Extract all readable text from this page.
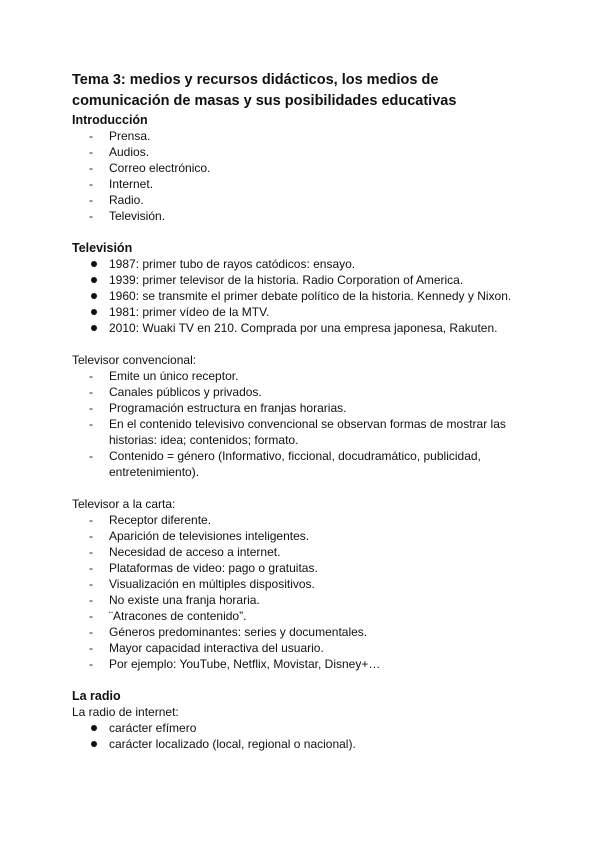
Tema 3: medios y recursos didácticos, los medios de

comunicación de masas y sus posibilidades educativas

Introducción

-	Prensa.
-	Audios.
-	Correo electrónico.
-	Internet.
-	Radio.
-	Televisión.

Televisión

1987: primer tubo de rayos catódicos: ensayo.
1939: primer televisor de la historia. Radio Corporation of America.
1960: se transmite el primer debate político de la historia. Kennedy y Nixon.
1981: primer vídeo de la MTV.
2010: Wuaki TV en 210. Comprada por una empresa japonesa, Rakuten.

Televisor convencional:

-	Emite un único receptor.
-	Canales públicos y privados.
-	Programación estructura en franjas horarias.
-	En el contenido televisivo convencional se observan formas de mostrar las historias: idea; contenidos; formato.
-	Contenido = género (Informativo, ficcional, docudramático, publicidad, entretenimiento).

Televisor a la carta:

-	Receptor diferente.
-	Aparición de televisiones inteligentes.
-	Necesidad de acceso a internet.
-	Plataformas de video: pago o gratuitas.
-	Visualización en múltiples dispositivos.
-	No existe una franja horaria.
-	¨Atracones de contenido”.
-	Géneros predominantes: series y documentales.
-	Mayor capacidad interactiva del usuario.
-	Por ejemplo: YouTube, Netflix, Movistar, Disney+…

La radio

La radio de internet:

carácter efímero
carácter localizado (local, regional o nacional).
